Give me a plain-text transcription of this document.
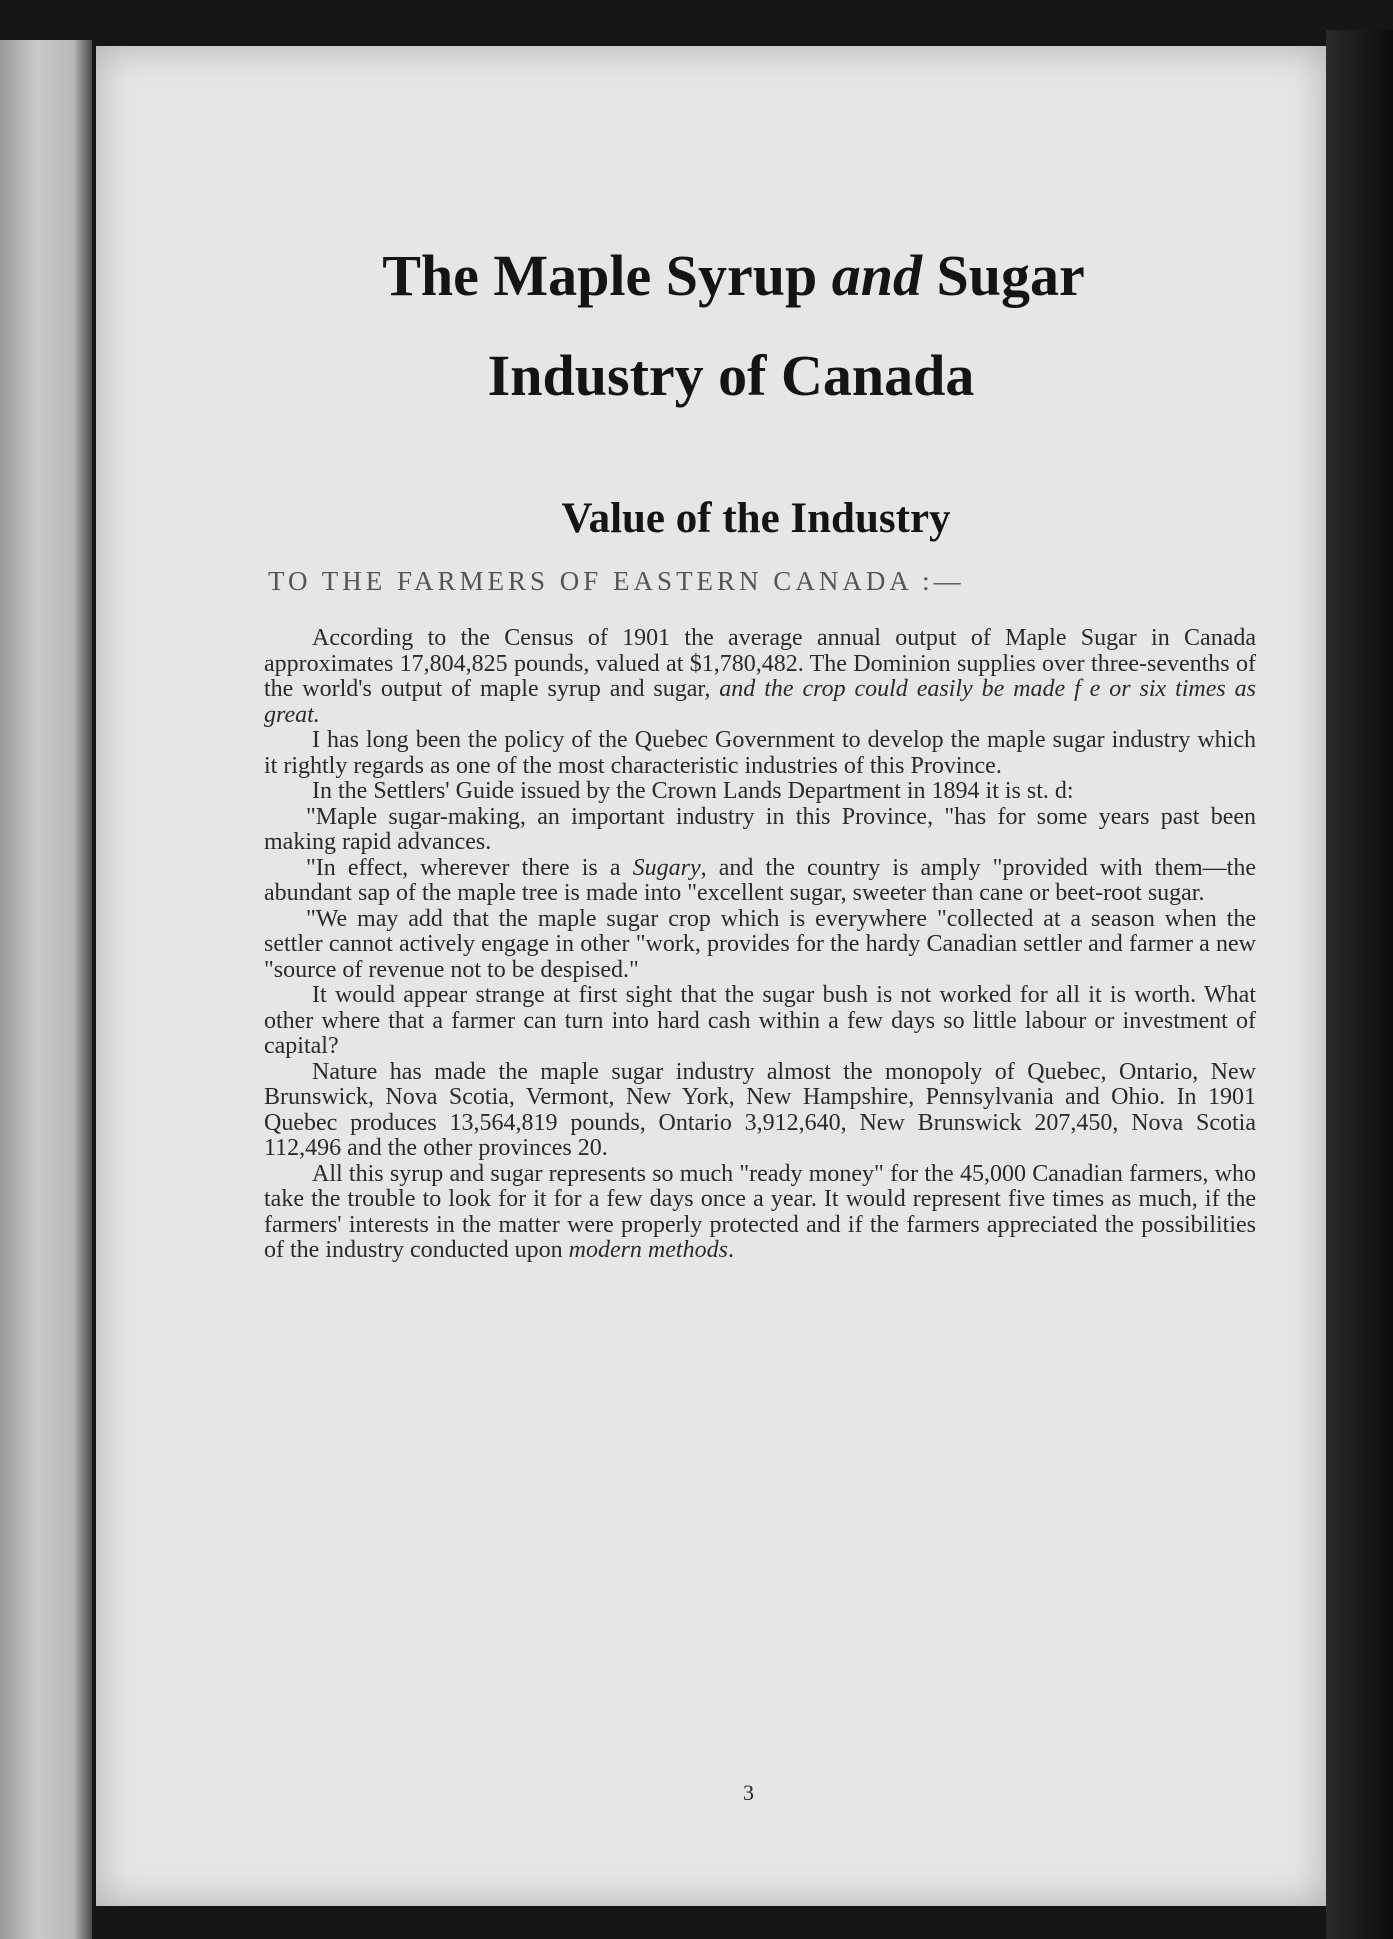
The Maple Syrup and Sugar
Industry of Canada
Value of the Industry

TO THE FARMERS OF EASTERN CANADA :—

According to the Census of 1901 the average annual output of Maple Sugar in Canada approximates 17,804,825 pounds, valued at $1,780,482. The Dominion supplies over three-sevenths of the world's output of maple syrup and sugar, and the crop could easily be made f e or six times as great.

I has long been the policy of the Quebec Government to develop the maple sugar industry which it rightly regards as one of the most characteristic industries of this Province.

In the Settlers' Guide issued by the Crown Lands Department in 1894 it is st. d:

"Maple sugar-making, an important industry in this Province, "has for some years past been making rapid advances.

"In effect, wherever there is a Sugary, and the country is amply "provided with them—the abundant sap of the maple tree is made into "excellent sugar, sweeter than cane or beet-root sugar.

"We may add that the maple sugar crop which is everywhere "collected at a season when the settler cannot actively engage in other "work, provides for the hardy Canadian settler and farmer a new "source of revenue not to be despised."

It would appear strange at first sight that the sugar bush is not worked for all it is worth. What other where that a farmer can turn into hard cash within a few days so little labour or investment of capital?

Nature has made the maple sugar industry almost the monopoly of Quebec, Ontario, New Brunswick, Nova Scotia, Vermont, New York, New Hampshire, Pennsylvania and Ohio. In 1901 Quebec produces 13,564,819 pounds, Ontario 3,912,640, New Brunswick 207,450, Nova Scotia 112,496 and the other provinces 20.

All this syrup and sugar represents so much "ready money" for the 45,000 Canadian farmers, who take the trouble to look for it for a few days once a year. It would represent five times as much, if the farmers' interests in the matter were properly protected and if the farmers appreciated the possibilities of the industry conducted upon modern methods.

3
